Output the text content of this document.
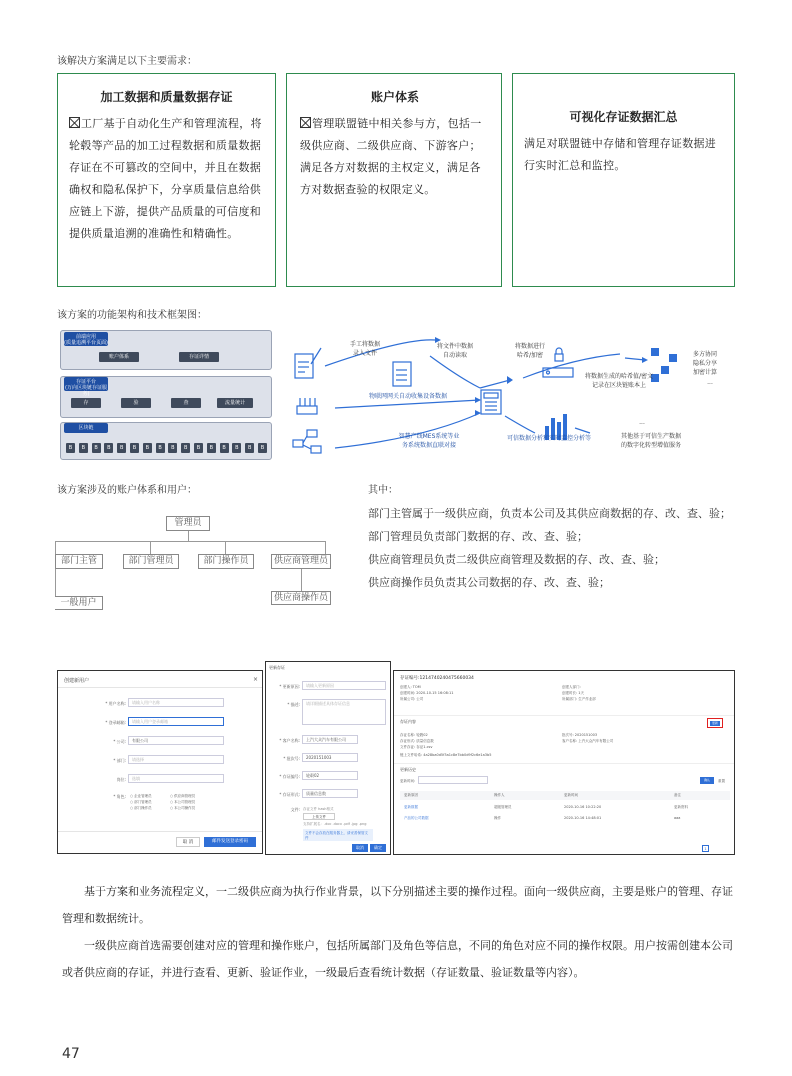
该解决方案满足以下主要需求：
加工数据和质量数据存证

工厂基于自动化生产和管理流程，将轮毂等产品的加工过程数据和质量数据存证在不可篡改的空间中，并且在数据确权和隐私保护下，分享质量信息给供应链上下游，提供产品质量的可信度和提供质量追溯的准确性和精确性。

账户体系

管理联盟链中相关参与方，包括一级供应商、二级供应商、下游客户；满足各方对数据的主权定义，满足各方对数据查验的权限定义。

可视化存证数据汇总

满足对联盟链中存储和管理存证数据进行实时汇总和监控。

该方案的功能架构和技术框架图：
前端应用
(质量追溯平台页面)
账户体系	存证详情
存证平台
(万向区块链存证服务)
存	验	查	流量统计
区块链
B	B	B	B	B	B	B	B	B	B	B	B	B	B	B	B
手工将数据
录入文件
将文件中数据
自动读取
将数据进行
哈希/加密	多方协同
隐私分享
加密计算
...
物联网网关自动收集设备数据
将数据生成的哈希值/密文
记录在区块链账本上
智慧产线MES系统等业
务系统数据直联对接
可信数据分析和实时监控分析等
...
其他基于可信生产数据
的数字化转型增值服务
该方案涉及的账户体系和用户：	其中：
管理员
部门主管	部门管理员	部门操作员	供应商管理员
一般用户	供应商操作员

部门主管属于一级供应商，负责本公司及其供应商数据的存、改、查、验；

部门管理员负责部门数据的存、改、查、验；

供应商管理员负责二级供应商管理及数据的存、改、查、验；

供应商操作员负责其公司数据的存、改、查、验；

创建新用户	×
* 用户名称:	请输入用户名称
* 登录邮箱:	请输入用户登录邮箱
* 公司:	有限公司
* 部门:	请选择
岗位:	选填
* 角色: ○ 企业管理员	○ 供应商管理员
○ 部门管理员	○ 本公司管理员
○ 部门操作员	○ 本公司操作员
取 消	邮件发送登录密码
更新存证
* 更新原因:	请输入更新原因
* 描述:	请详细描述具体存证信息
* 客户名称:	上汽大众汽车有限公司
* 批次号:	2020151003
* 存证编号:	轮毂02
* 存证形式:	质量信息数
文件: 存证文件 hash格式
上传文件
支持扩展名：.doc .docx .pdf .jpg .png
文件不会存放在服务器上，请妥善保管文件
取消	确定
存证编号:1214740240475660034
创建人: TOM
创建时间: 2020-10-15 16:08:11
所属公司: 公司
创建人部门:
创建时长: 1天
所属部门: 生产作业部
存证内容	更新
存证名称: 轮毂02
存证形式: 质量信息数
文件存证: 存证1.csv
链上文件哈希: 4a28ba0d5f3a1c8e7bb0d9f2c6e1a3b5
批次号: 2020151003
客户名称: 上汽大众汽车有限公司
更新历史
更新时间:	确认	重置
更新原因	操作人	更新时间	备注
更新数据	超级管理员	2020-10-16 10:22:20	更新资料
产品的公司数据	操作	2020-10-16 14:48:01	aaa
1

基于方案和业务流程定义，一二级供应商为执行作业背景，以下分别描述主要的操作过程。面向一级供应商，主要是账户的管理、存证管理和数据统计。

一级供应商首选需要创建对应的管理和操作账户，包括所属部门及角色等信息，不同的角色对应不同的操作权限。用户按需创建本公司或者供应商的存证，并进行查看、更新、验证作业，一级最后查看统计数据（存证数量、验证数量等内容）。

47
